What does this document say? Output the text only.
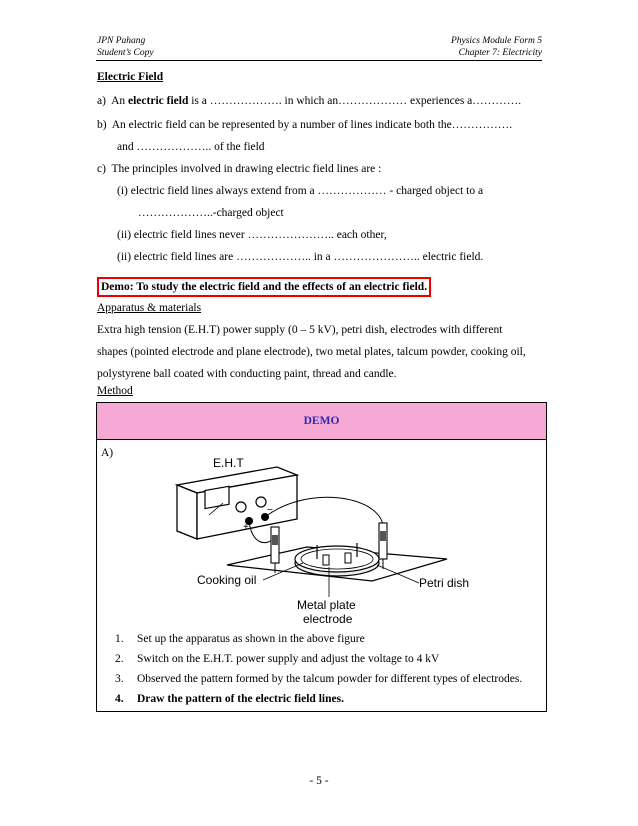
JPN Pahang
Student’s Copy
Physics Module Form 5
Chapter 7: Electricity
Electric Field
a) An electric field is a ………………. in which an……………… experiences a………….
b) An electric field can be represented by a number of lines indicate both the…………….
and ……………….. of the field
c) The principles involved in drawing electric field lines are :
(i) electric field lines always extend from a ……………… - charged object to a
………………..-charged object
(ii) electric field lines never ………………….. each other,
(ii) electric field lines are ……………….. in a ………………….. electric field.
Demo: To study the electric field and the effects of an electric field.
Apparatus & materials
Extra high tension (E.H.T) power supply (0 – 5 kV), petri dish, electrodes with different
shapes (pointed electrode and plane electrode), two metal plates, talcum powder, cooking oil,
polystyrene ball coated with conducting paint, thread and candle.
Method
DEMO
A)
+
−
E.H.T
Cooking oil	Petri dish
Metal plate
electrode
1. Set up the apparatus as shown in the above figure
2. Switch on the E.H.T. power supply and adjust the voltage to 4 kV
3. Observed the pattern formed by the talcum powder for different types of electrodes.
4. Draw the pattern of the electric field lines.
- 5 -
